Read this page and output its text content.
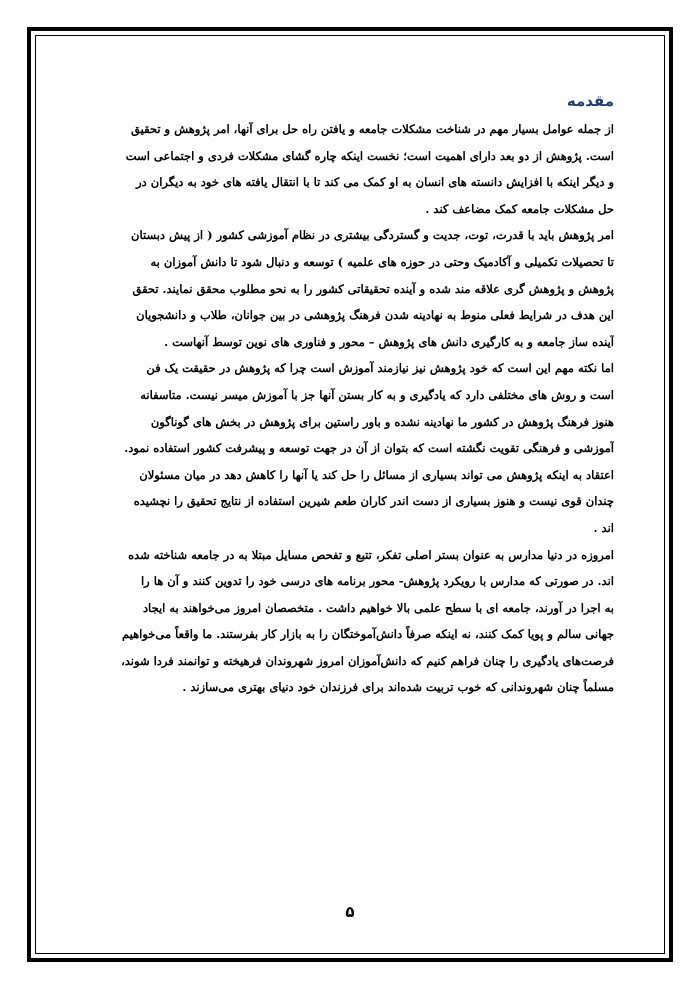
مقدمه
از جمله عوامل بسیار مهم در شناخت مشکلات جامعه و یافتن راه حل برای آنها، امر پژوهش و تحقیق
است. پژوهش از دو بعد دارای اهمیت است؛ نخست اینکه چاره گشای مشکلات فردی و اجتماعی است
و دیگر اینکه با افزایش دانسته های انسان به او کمک می کند تا با انتقال یافته های خود به دیگران در
حل مشکلات جامعه کمک مضاعف کند .
امر پژوهش باید با قدرت، توت، جدیت و گستردگی بیشتری در نظام آموزشی کشور ( از پیش دبستان
تا تحصیلات تکمیلی و آکادمیک وحتی در حوزه های علمیه ) توسعه و دنبال شود تا دانش آموزان به
پژوهش و پژوهش گری علاقه مند شده و آینده تحقیقاتی کشور را به نحو مطلوب محقق نمایند. تحقق
این هدف در شرایط فعلی منوط به نهادینه شدن فرهنگ پژوهشی در بین جوانان، طلاب و دانشجویان
آینده ساز جامعه و به کارگیری دانش های پژوهش – محور و فناوری های نوین توسط آنهاست .
اما نکته مهم این است که خود پژوهش نیز نیازمند آموزش است چرا که پژوهش در حقیقت یک فن
است و روش های مختلفی دارد که یادگیری و به کار بستن آنها جز با آموزش میسر نیست. متاسفانه
هنوز فرهنگ پژوهش در کشور ما نهادینه نشده و باور راستین برای پژوهش در بخش های گوناگون
آموزشی و فرهنگی تقویت نگشته است که بتوان از آن در جهت توسعه و پیشرفت کشور استفاده نمود.
اعتقاد به اینکه پژوهش می تواند بسیاری از مسائل را حل کند یا آنها را کاهش دهد در میان مسئولان
چندان قوی نیست و هنوز بسیاری از دست اندر کاران طعم شیرین استفاده از نتایج تحقیق را نچشیده
اند .
امروزه در دنیا مدارس به عنوان بستر اصلی تفکر، تتبع و تفحص مسایل مبتلا به در جامعه شناخته شده
اند. در صورتی که مدارس با رویکرد پژوهش- محور برنامه های درسی خود را تدوین کنند و آن ها را
به اجرا در آورند، جامعه ای با سطح علمی بالا خواهیم داشت . متخصصان امروز می‌خواهند به ایجاد
جهانی سالم و پویا کمک کنند، نه اینکه صرفاً دانش‌آموختگان را به بازار کار بفرستند. ما واقعاً می‌خواهیم
فرصت‌های یادگیری را چنان فراهم کنیم که دانش‌آموزان امروز شهروندان فرهیخته و توانمند فردا شوند،
مسلماً چنان شهروندانی که خوب تربیت شده‌اند برای فرزندان خود دنیای بهتری می‌سازند .
۵
